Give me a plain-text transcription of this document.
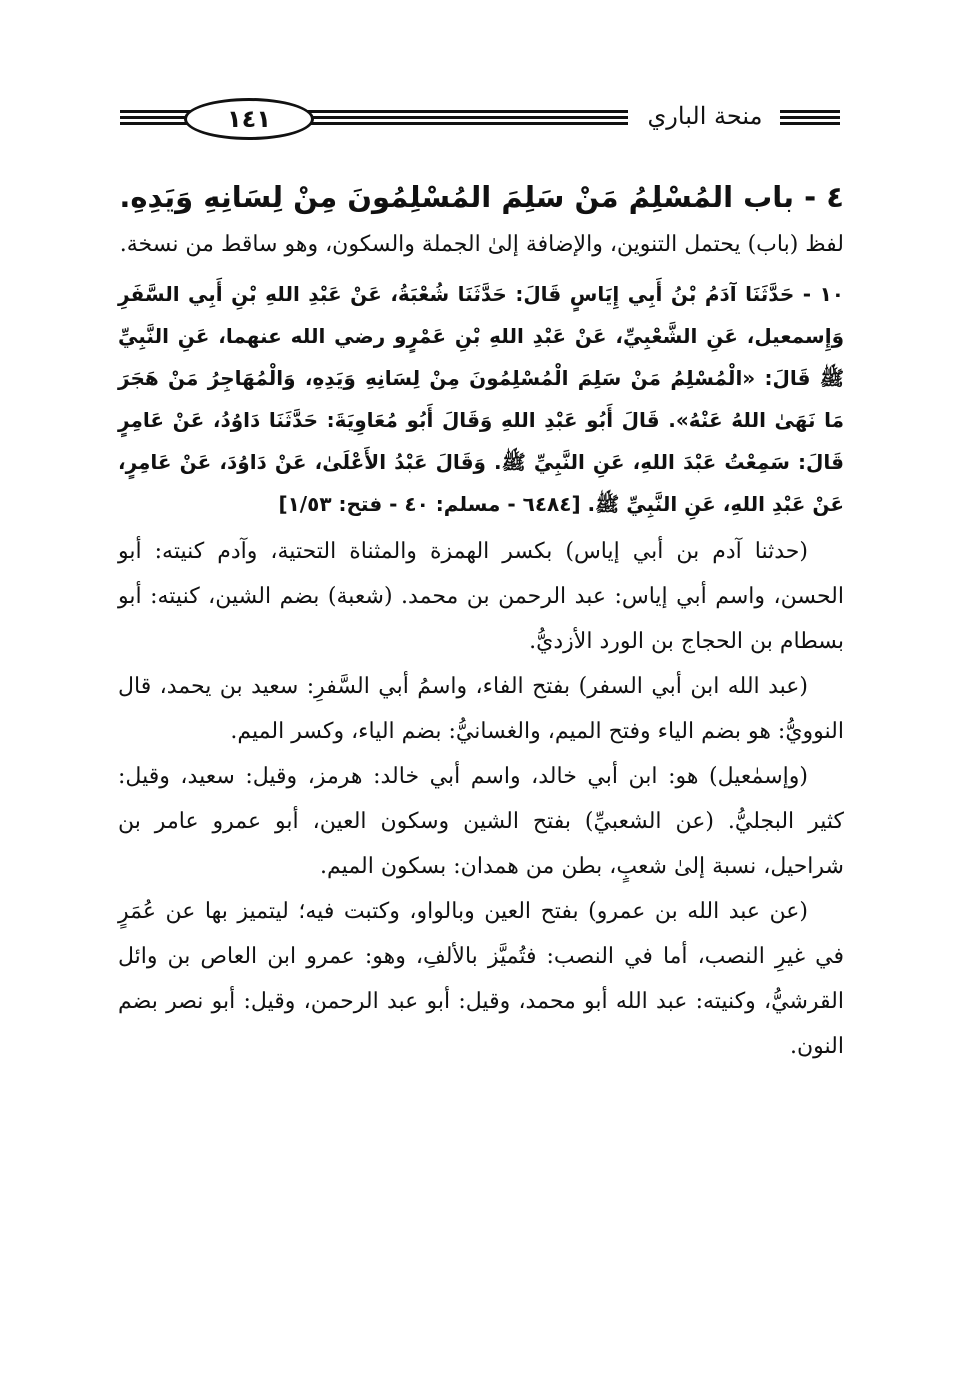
١٤١	منحة الباري
٤ - باب المُسْلِمُ مَنْ سَلِمَ المُسْلِمُونَ مِنْ لِسَانِهِ وَيَدِهِ.

لفظ (باب) يحتمل التنوين، والإضافة إلىٰ الجملة والسكون، وهو ساقط من نسخة.

١٠ - حَدَّثَنَا آدَمُ بْنُ أَبِي إِيَاسٍ قَالَ: حَدَّثَنَا شُعْبَةُ، عَنْ عَبْدِ اللهِ بْنِ أَبِي السَّفَرِ وَإِسمعيل، عَنِ الشَّعْبِيِّ، عَنْ عَبْدِ اللهِ بْنِ عَمْرٍو رضي الله عنهما، عَنِ النَّبِيِّ ﷺ قَالَ: «الْمُسْلِمُ مَنْ سَلِمَ الْمُسْلِمُونَ مِنْ لِسَانِهِ وَيَدِهِ، وَالْمُهَاجِرُ مَنْ هَجَرَ مَا نَهَىٰ اللهُ عَنْهُ». قَالَ أَبُو عَبْدِ اللهِ وَقَالَ أَبُو مُعَاوِيَةَ: حَدَّثَنَا دَاوُدُ، عَنْ عَامِرٍ قَالَ: سَمِعْتُ عَبْدَ اللهِ، عَنِ النَّبِيِّ ﷺ. وَقَالَ عَبْدُ الأَعْلَىٰ، عَنْ دَاوُدَ، عَنْ عَامِرٍ، عَنْ عَبْدِ اللهِ، عَنِ النَّبِيِّ ﷺ. [٦٤٨٤ - مسلم: ٤٠ - فتح: ١/٥٣]

(حدثنا آدم بن أبي إياس) بكسر الهمزة والمثناة التحتية، وآدم كنيته: أبو الحسن، واسم أبي إياس: عبد الرحمن بن محمد. (شعبة) بضم الشين، كنيته: أبو بسطام بن الحجاج بن الورد الأزديُّ.

(عبد الله ابن أبي السفر) بفتح الفاء، واسمُ أبي السَّفرِ: سعيد بن يحمد، قال النوويُّ: هو بضم الياء وفتح الميم، والغسانيُّ: بضم الياء، وكسر الميم.

(وإسمٰعيل) هو: ابن أبي خالد، واسم أبي خالد: هرمز، وقيل: سعيد، وقيل: كثير البجليُّ. (عن الشعبيِّ) بفتح الشين وسكون العين، أبو عمرو عامر بن شراحيل، نسبة إلىٰ شعبٍ، بطن من همدان: بسكون الميم.

(عن عبد الله بن عمرو) بفتح العين وبالواو، وكتبت فيه؛ ليتميز بها عن عُمَرٍ في غيرِ النصب، أما في النصب: فتُميَّز بالألفِ، وهو: عمرو ابن العاص بن وائل القرشيُّ، وكنيته: عبد الله أبو محمد، وقيل: أبو عبد الرحمن، وقيل: أبو نصر بضم النون.
